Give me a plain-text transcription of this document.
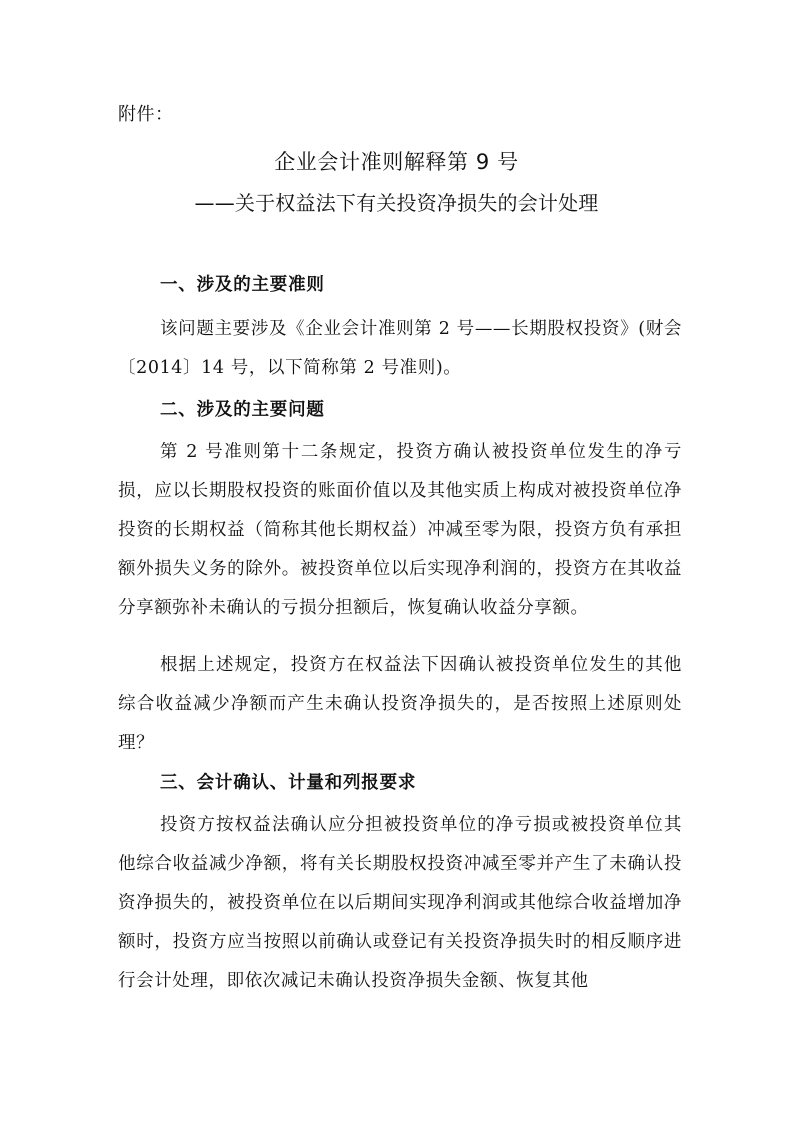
附件：
企业会计准则解释第 9 号
——关于权益法下有关投资净损失的会计处理
一、涉及的主要准则

该问题主要涉及《企业会计准则第 2 号——长期股权投资》(财会〔2014〕14 号，以下简称第 2 号准则)。

二、涉及的主要问题

第 2 号准则第十二条规定，投资方确认被投资单位发生的净亏损，应以长期股权投资的账面价值以及其他实质上构成对被投资单位净投资的长期权益（简称其他长期权益）冲减至零为限，投资方负有承担额外损失义务的除外。被投资单位以后实现净利润的，投资方在其收益分享额弥补未确认的亏损分担额后，恢复确认收益分享额。

根据上述规定，投资方在权益法下因确认被投资单位发生的其他综合收益减少净额而产生未确认投资净损失的，是否按照上述原则处理？

三、会计确认、计量和列报要求

投资方按权益法确认应分担被投资单位的净亏损或被投资单位其他综合收益减少净额，将有关长期股权投资冲减至零并产生了未确认投资净损失的，被投资单位在以后期间实现净利润或其他综合收益增加净额时，投资方应当按照以前确认或登记有关投资净损失时的相反顺序进行会计处理，即依次减记未确认投资净损失金额、恢复其他
